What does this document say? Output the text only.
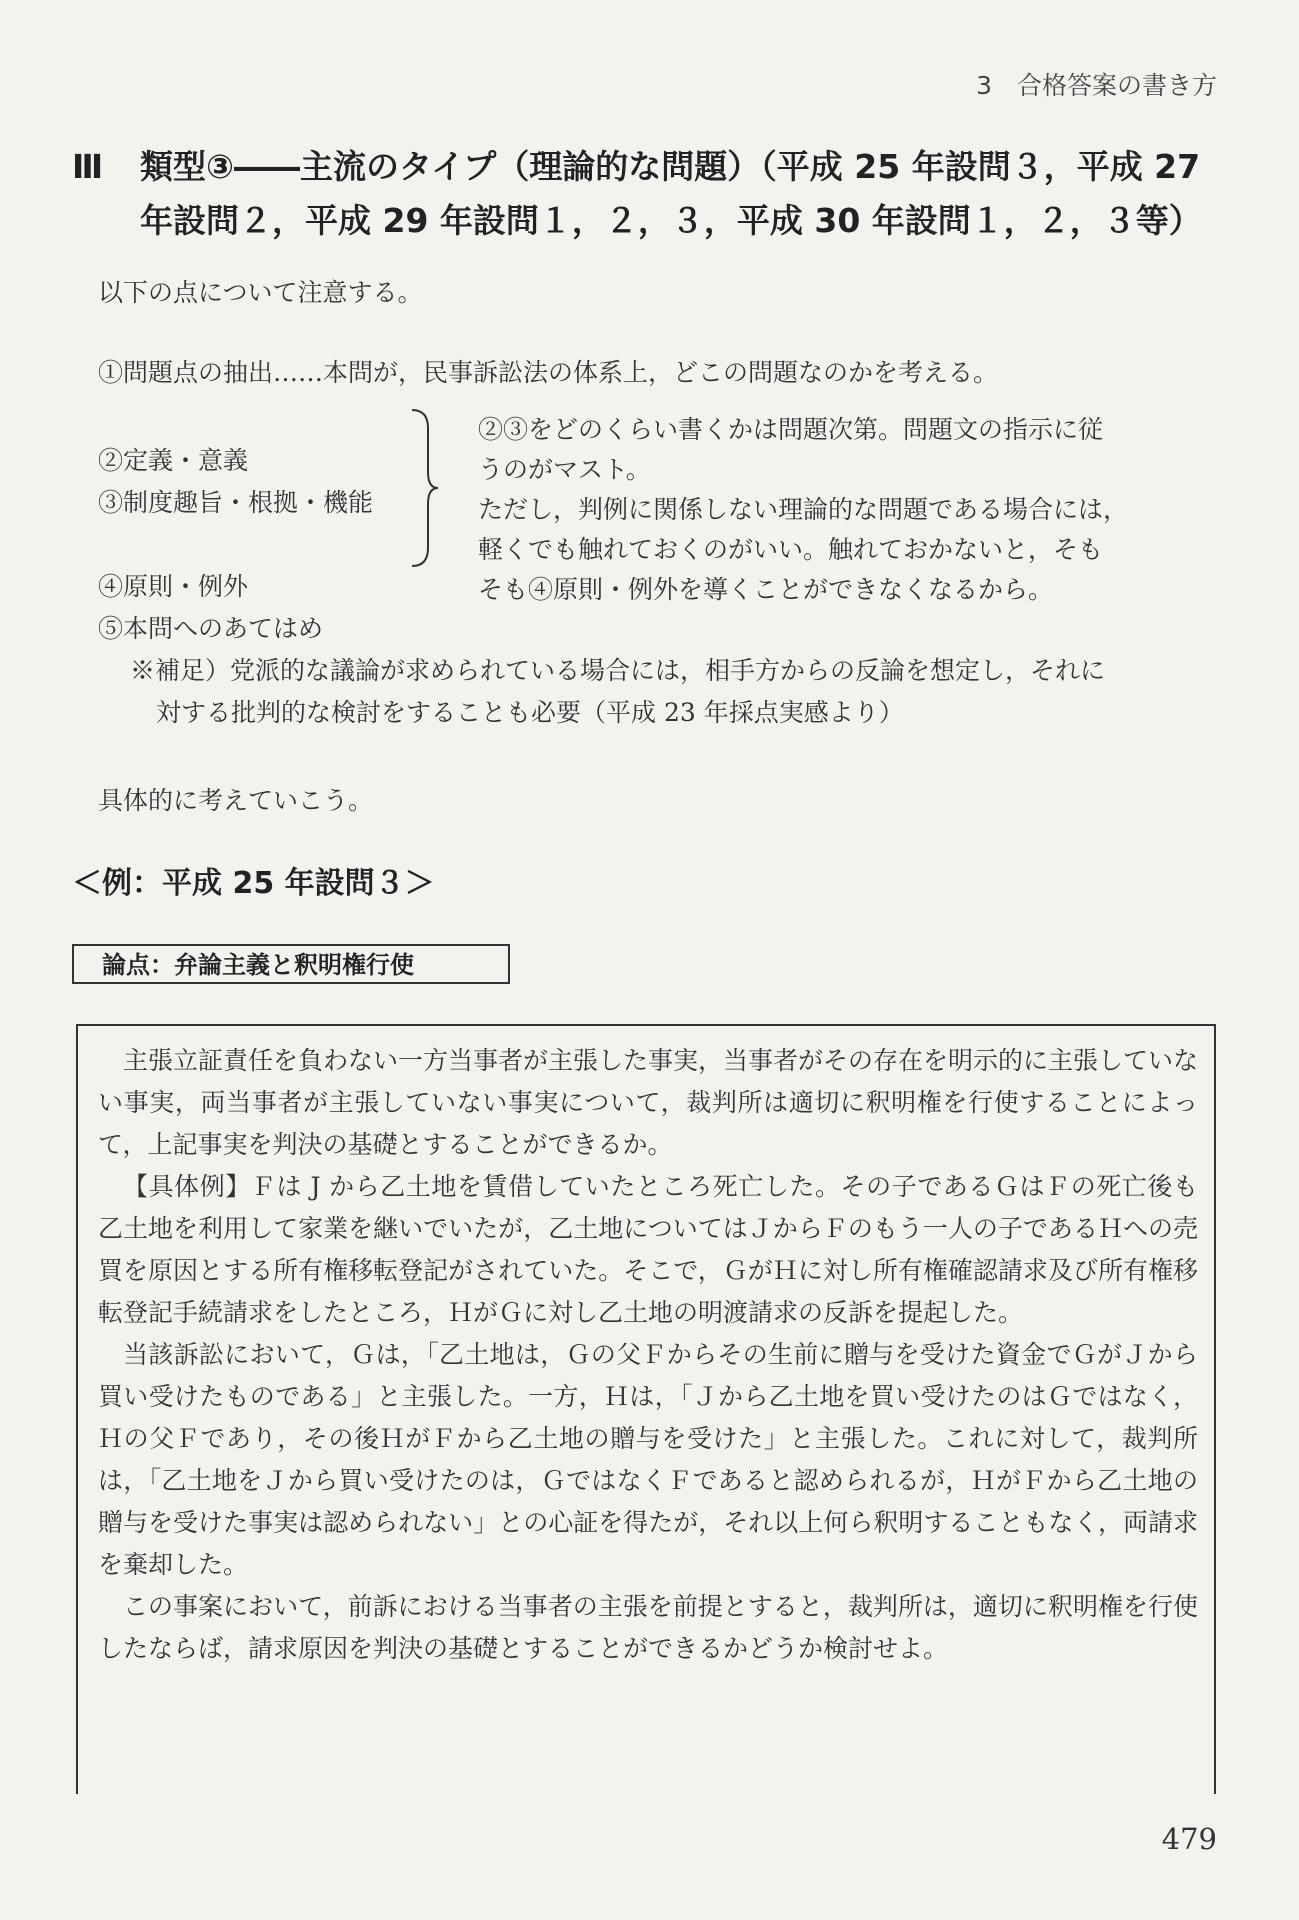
3　合格答案の書き方
Ⅲ	類型③――主流のタイプ（理論的な問題）（平成 25 年設問３，平成 27 年設問２，平成 29 年設問１，２，３，平成 30 年設問１，２，３等）
以下の点について注意する。
①問題点の抽出……本問が，民事訴訟法の体系上，どこの問題なのかを考える。
②定義・意義
③制度趣旨・根拠・機能
④原則・例外
⑤本問へのあてはめ
②③をどのくらい書くかは問題次第。問題文の指示に従
うのがマスト。
ただし，判例に関係しない理論的な問題である場合には，
軽くでも触れておくのがいい。触れておかないと，そも
そも④原則・例外を導くことができなくなるから。
※補足）党派的な議論が求められている場合には，相手方からの反論を想定し，それに
対する批判的な検討をすることも必要（平成 23 年採点実感より）
具体的に考えていこう。
＜例：平成 25 年設問３＞
論点：弁論主義と釈明権行使

主張立証責任を負わない一方当事者が主張した事実，当事者がその存在を明示的に主張していない事実，両当事者が主張していない事実について，裁判所は適切に釈明権を行使することによって，上記事実を判決の基礎とすることができるか。

【具体例】Ｆは J から乙土地を賃借していたところ死亡した。その子であるＧはＦの死亡後も乙土地を利用して家業を継いでいたが，乙土地についてはＪからＦのもう一人の子であるＨへの売買を原因とする所有権移転登記がされていた。そこで，ＧがＨに対し所有権確認請求及び所有権移転登記手続請求をしたところ，ＨがＧに対し乙土地の明渡請求の反訴を提起した。

当該訴訟において，Ｇは，「乙土地は，Ｇの父Ｆからその生前に贈与を受けた資金でＧがＪから買い受けたものである」と主張した。一方，Ｈは，「Ｊから乙土地を買い受けたのはＧではなく，Ｈの父Ｆであり，その後ＨがＦから乙土地の贈与を受けた」と主張した。これに対して，裁判所は，「乙土地をＪから買い受けたのは，ＧではなくＦであると認められるが，ＨがＦから乙土地の贈与を受けた事実は認められない」との心証を得たが，それ以上何ら釈明することもなく，両請求を棄却した。

この事案において，前訴における当事者の主張を前提とすると，裁判所は，適切に釈明権を行使したならば，請求原因を判決の基礎とすることができるかどうか検討せよ。

479
